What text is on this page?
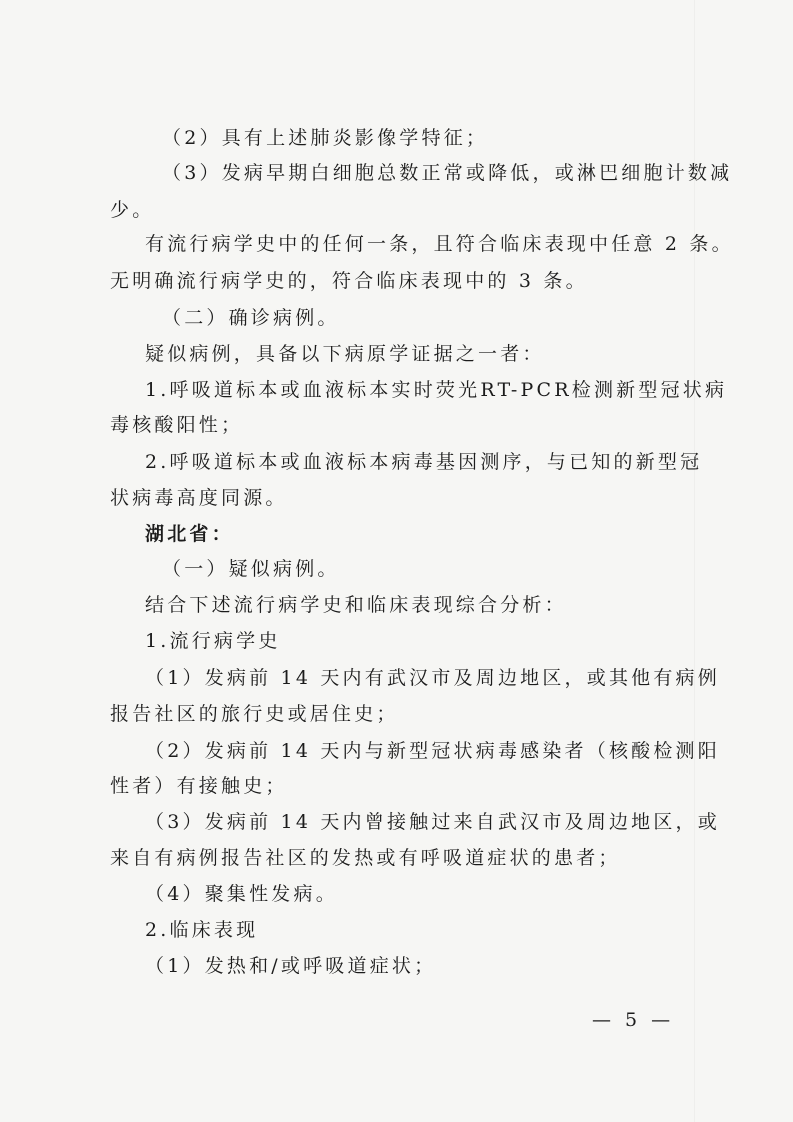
（2）具有上述肺炎影像学特征；
（3）发病早期白细胞总数正常或降低，或淋巴细胞计数减
少。
有流行病学史中的任何一条，且符合临床表现中任意 2 条。
无明确流行病学史的，符合临床表现中的 3 条。
（二）确诊病例。
疑似病例，具备以下病原学证据之一者：
1.呼吸道标本或血液标本实时荧光RT-PCR检测新型冠状病
毒核酸阳性；
2.呼吸道标本或血液标本病毒基因测序，与已知的新型冠
状病毒高度同源。
湖北省：
（一）疑似病例。
结合下述流行病学史和临床表现综合分析：
1.流行病学史
（1）发病前 14 天内有武汉市及周边地区，或其他有病例
报告社区的旅行史或居住史；
（2）发病前 14 天内与新型冠状病毒感染者（核酸检测阳
性者）有接触史；
（3）发病前 14 天内曾接触过来自武汉市及周边地区，或
来自有病例报告社区的发热或有呼吸道症状的患者；
（4）聚集性发病。
2.临床表现
（1）发热和/或呼吸道症状；
— 5 —
